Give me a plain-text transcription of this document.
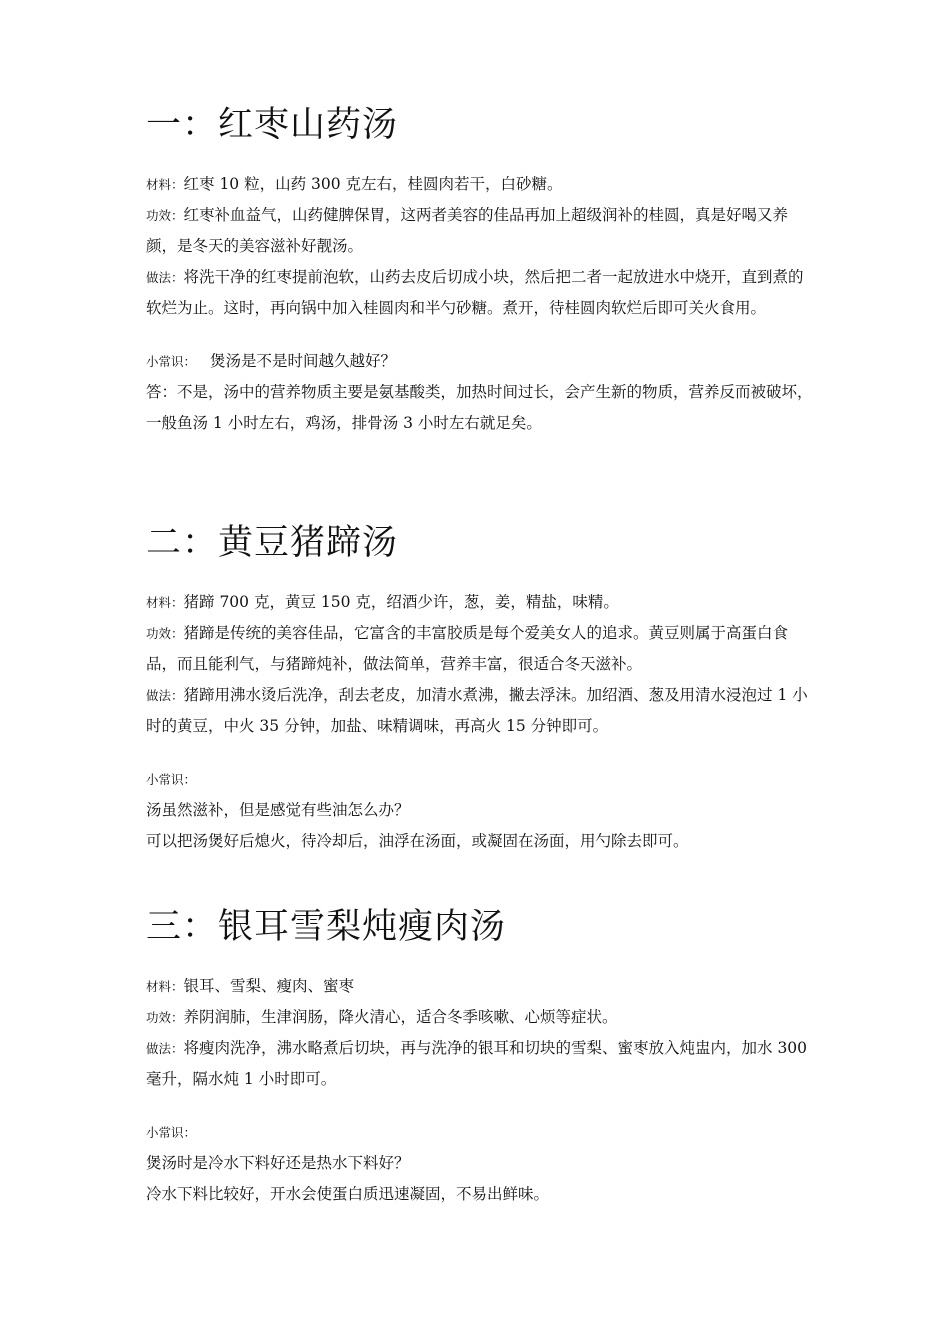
一：红枣山药汤

材料：红枣 10 粒，山药 300 克左右，桂圆肉若干，白砂糖。

功效：红枣补血益气，山药健脾保胃，这两者美容的佳品再加上超级润补的桂圆，真是好喝又养颜，是冬天的美容滋补好靓汤。

做法：将洗干净的红枣提前泡软，山药去皮后切成小块，然后把二者一起放进水中烧开，直到煮的软烂为止。这时，再向锅中加入桂圆肉和半勺砂糖。煮开，待桂圆肉软烂后即可关火食用。

小常识： 煲汤是不是时间越久越好？

答：不是，汤中的营养物质主要是氨基酸类，加热时间过长，会产生新的物质，营养反而被破坏，一般鱼汤 1 小时左右，鸡汤，排骨汤 3 小时左右就足矣。

二：黄豆猪蹄汤

材料：猪蹄 700 克，黄豆 150 克，绍酒少许，葱，姜，精盐，味精。

功效：猪蹄是传统的美容佳品，它富含的丰富胶质是每个爱美女人的追求。黄豆则属于高蛋白食品，而且能利气，与猪蹄炖补，做法简单，营养丰富，很适合冬天滋补。

做法：猪蹄用沸水烫后洗净，刮去老皮，加清水煮沸，撇去浮沫。加绍酒、葱及用清水浸泡过 1 小时的黄豆，中火 35 分钟，加盐、味精调味，再高火 15 分钟即可。

小常识：

汤虽然滋补，但是感觉有些油怎么办？

可以把汤煲好后熄火，待冷却后，油浮在汤面，或凝固在汤面，用勺除去即可。

三：银耳雪梨炖瘦肉汤

材料：银耳、雪梨、瘦肉、蜜枣

功效：养阴润肺，生津润肠，降火清心，适合冬季咳嗽、心烦等症状。

做法：将瘦肉洗净，沸水略煮后切块，再与洗净的银耳和切块的雪梨、蜜枣放入炖盅内，加水 300 毫升，隔水炖 1 小时即可。

小常识：

煲汤时是冷水下料好还是热水下料好？

冷水下料比较好，开水会使蛋白质迅速凝固，不易出鲜味。
